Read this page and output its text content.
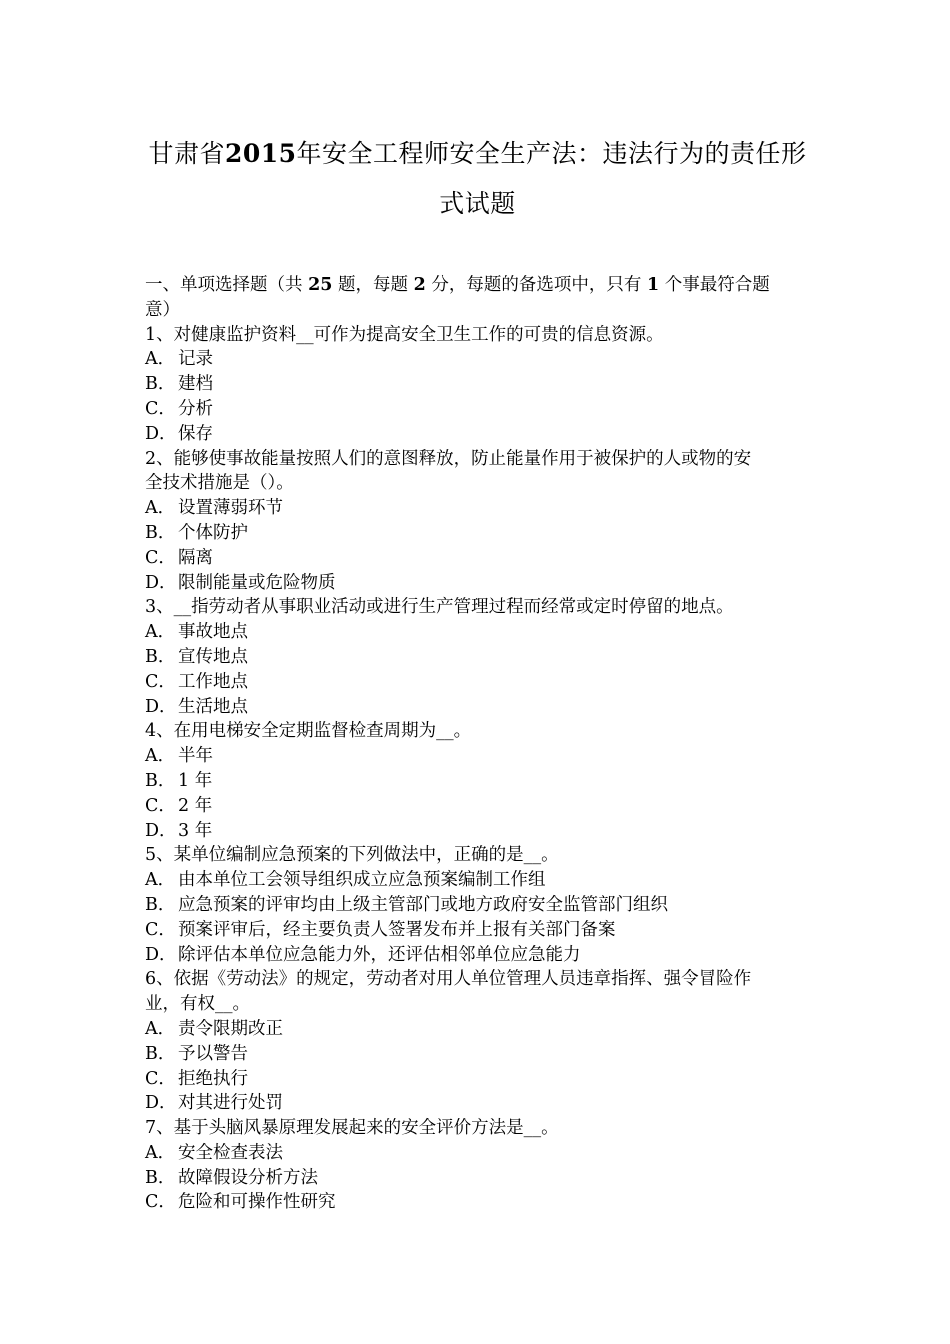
甘肃省2015年安全工程师安全生产法：违法行为的责任形
式试题
一、单项选择题（共 25 题，每题 2 分，每题的备选项中，只有 1 个事最符合题
意）
1、对健康监护资料__可作为提高安全卫生工作的可贵的信息资源。
A． 记录
B． 建档
C． 分析
D．保存
2、能够使事故能量按照人们的意图释放，防止能量作用于被保护的人或物的安
全技术措施是（）。
A． 设置薄弱环节
B． 个体防护
C． 隔离
D．限制能量或危险物质
3、__指劳动者从事职业活动或进行生产管理过程而经常或定时停留的地点。
A． 事故地点
B． 宣传地点
C． 工作地点
D．生活地点
4、在用电梯安全定期监督检查周期为__。
A． 半年
B． 1 年
C． 2 年
D．3 年
5、某单位编制应急预案的下列做法中，正确的是__。
A． 由本单位工会领导组织成立应急预案编制工作组
B． 应急预案的评审均由上级主管部门或地方政府安全监管部门组织
C． 预案评审后，经主要负责人签署发布并上报有关部门备案
D．除评估本单位应急能力外，还评估相邻单位应急能力
6、依据《劳动法》的规定，劳动者对用人单位管理人员违章指挥、强令冒险作
业，有权__。
A． 责令限期改正
B． 予以警告
C． 拒绝执行
D．对其进行处罚
7、基于头脑风暴原理发展起来的安全评价方法是__。
A． 安全检查表法
B． 故障假设分析方法
C． 危险和可操作性研究
